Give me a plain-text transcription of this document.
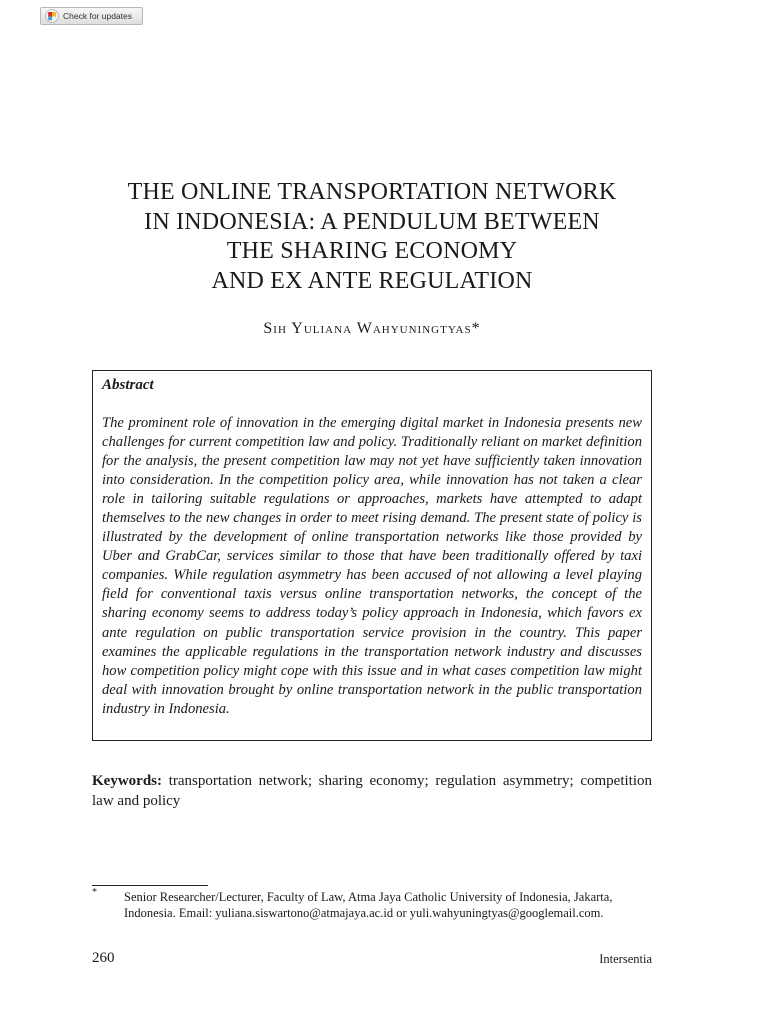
Check for updates
THE ONLINE TRANSPORTATION NETWORK
IN INDONESIA: A PENDULUM BETWEEN
THE SHARING ECONOMY
AND EX ANTE REGULATION
Sih Yuliana Wahyuningtyas*

Abstract

The prominent role of innovation in the emerging digital market in Indonesia presents new challenges for current competition law and policy. Traditionally reliant on market definition for the analysis, the present competition law may not yet have sufficiently taken innovation into consideration. In the competition policy area, while innovation has not taken a clear role in tailoring suitable regulations or approaches, markets have attempted to adapt themselves to the new changes in order to meet rising demand. The present state of policy is illustrated by the development of online transportation networks like those provided by Uber and GrabCar, services similar to those that have been traditionally offered by taxi companies. While regulation asymmetry has been accused of not allowing a level playing field for conventional taxis versus online transportation networks, the concept of the sharing economy seems to address today’s policy approach in Indonesia, which favors ex ante regulation on public transportation service provision in the country. This paper examines the applicable regulations in the transportation network industry and discusses how competition policy might cope with this issue and in what cases competition law might deal with innovation brought by online transportation network in the public transportation industry in Indonesia.

Keywords: transportation network; sharing economy; regulation asymmetry; competition law and policy
* Senior Researcher/Lecturer, Faculty of Law, Atma Jaya Catholic University of Indonesia, Jakarta, Indonesia. Email: yuliana.siswartono@atmajaya.ac.id or yuli.wahyuningtyas@googlemail.com.

260	Intersentia
